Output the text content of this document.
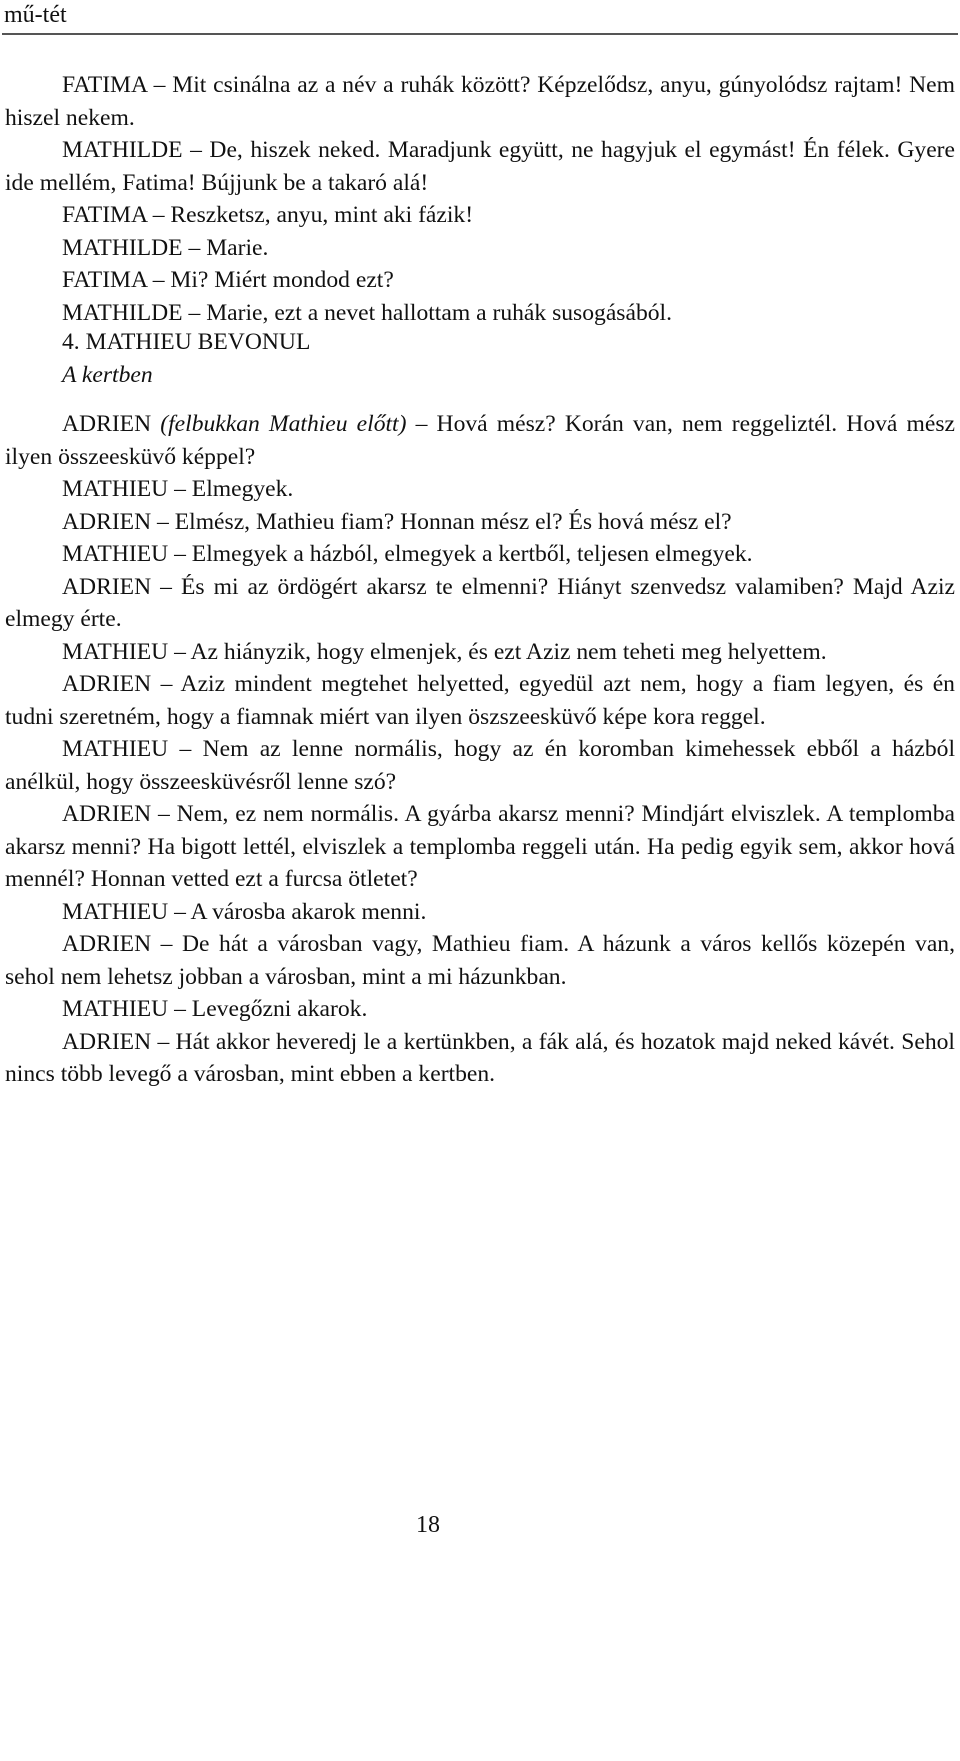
mű-tét

FATIMA – Mit csinálna az a név a ruhák között? Képzelődsz, anyu, gúnyolódsz rajtam! Nem hiszel nekem.

MATHILDE – De, hiszek neked. Maradjunk együtt, ne hagyjuk el egymást! Én félek. Gyere ide mellém, Fatima! Bújjunk be a takaró alá!

FATIMA – Reszketsz, anyu, mint aki fázik!

MATHILDE – Marie.

FATIMA – Mi? Miért mondod ezt?

MATHILDE – Marie, ezt a nevet hallottam a ruhák susogásából.

4. MATHIEU BEVONUL

A kertben

ADRIEN (felbukkan Mathieu előtt) – Hová mész? Korán van, nem reggeliztél. Hová mész ilyen összeesküvő képpel?

MATHIEU – Elmegyek.

ADRIEN – Elmész, Mathieu fiam? Honnan mész el? És hová mész el?

MATHIEU – Elmegyek a házból, elmegyek a kertből, teljesen elmegyek.

ADRIEN – És mi az ördögért akarsz te elmenni? Hiányt szenvedsz valamiben? Majd Aziz elmegy érte.

MATHIEU – Az hiányzik, hogy elmenjek, és ezt Aziz nem teheti meg helyettem.

ADRIEN – Aziz mindent megtehet helyetted, egyedül azt nem, hogy a fiam legyen, és én tudni szeretném, hogy a fiamnak miért van ilyen öszszeesküvő képe kora reggel.

MATHIEU – Nem az lenne normális, hogy az én koromban kimehessek ebből a házból anélkül, hogy összeesküvésről lenne szó?

ADRIEN – Nem, ez nem normális. A gyárba akarsz menni? Mindjárt elviszlek. A templomba akarsz menni? Ha bigott lettél, elviszlek a templomba reggeli után. Ha pedig egyik sem, akkor hová mennél? Honnan vetted ezt a furcsa ötletet?

MATHIEU – A városba akarok menni.

ADRIEN – De hát a városban vagy, Mathieu fiam. A házunk a város kellős közepén van, sehol nem lehetsz jobban a városban, mint a mi házunkban.

MATHIEU – Levegőzni akarok.

ADRIEN – Hát akkor heveredj le a kertünkben, a fák alá, és hozatok majd neked kávét. Sehol nincs több levegő a városban, mint ebben a kertben.

18
